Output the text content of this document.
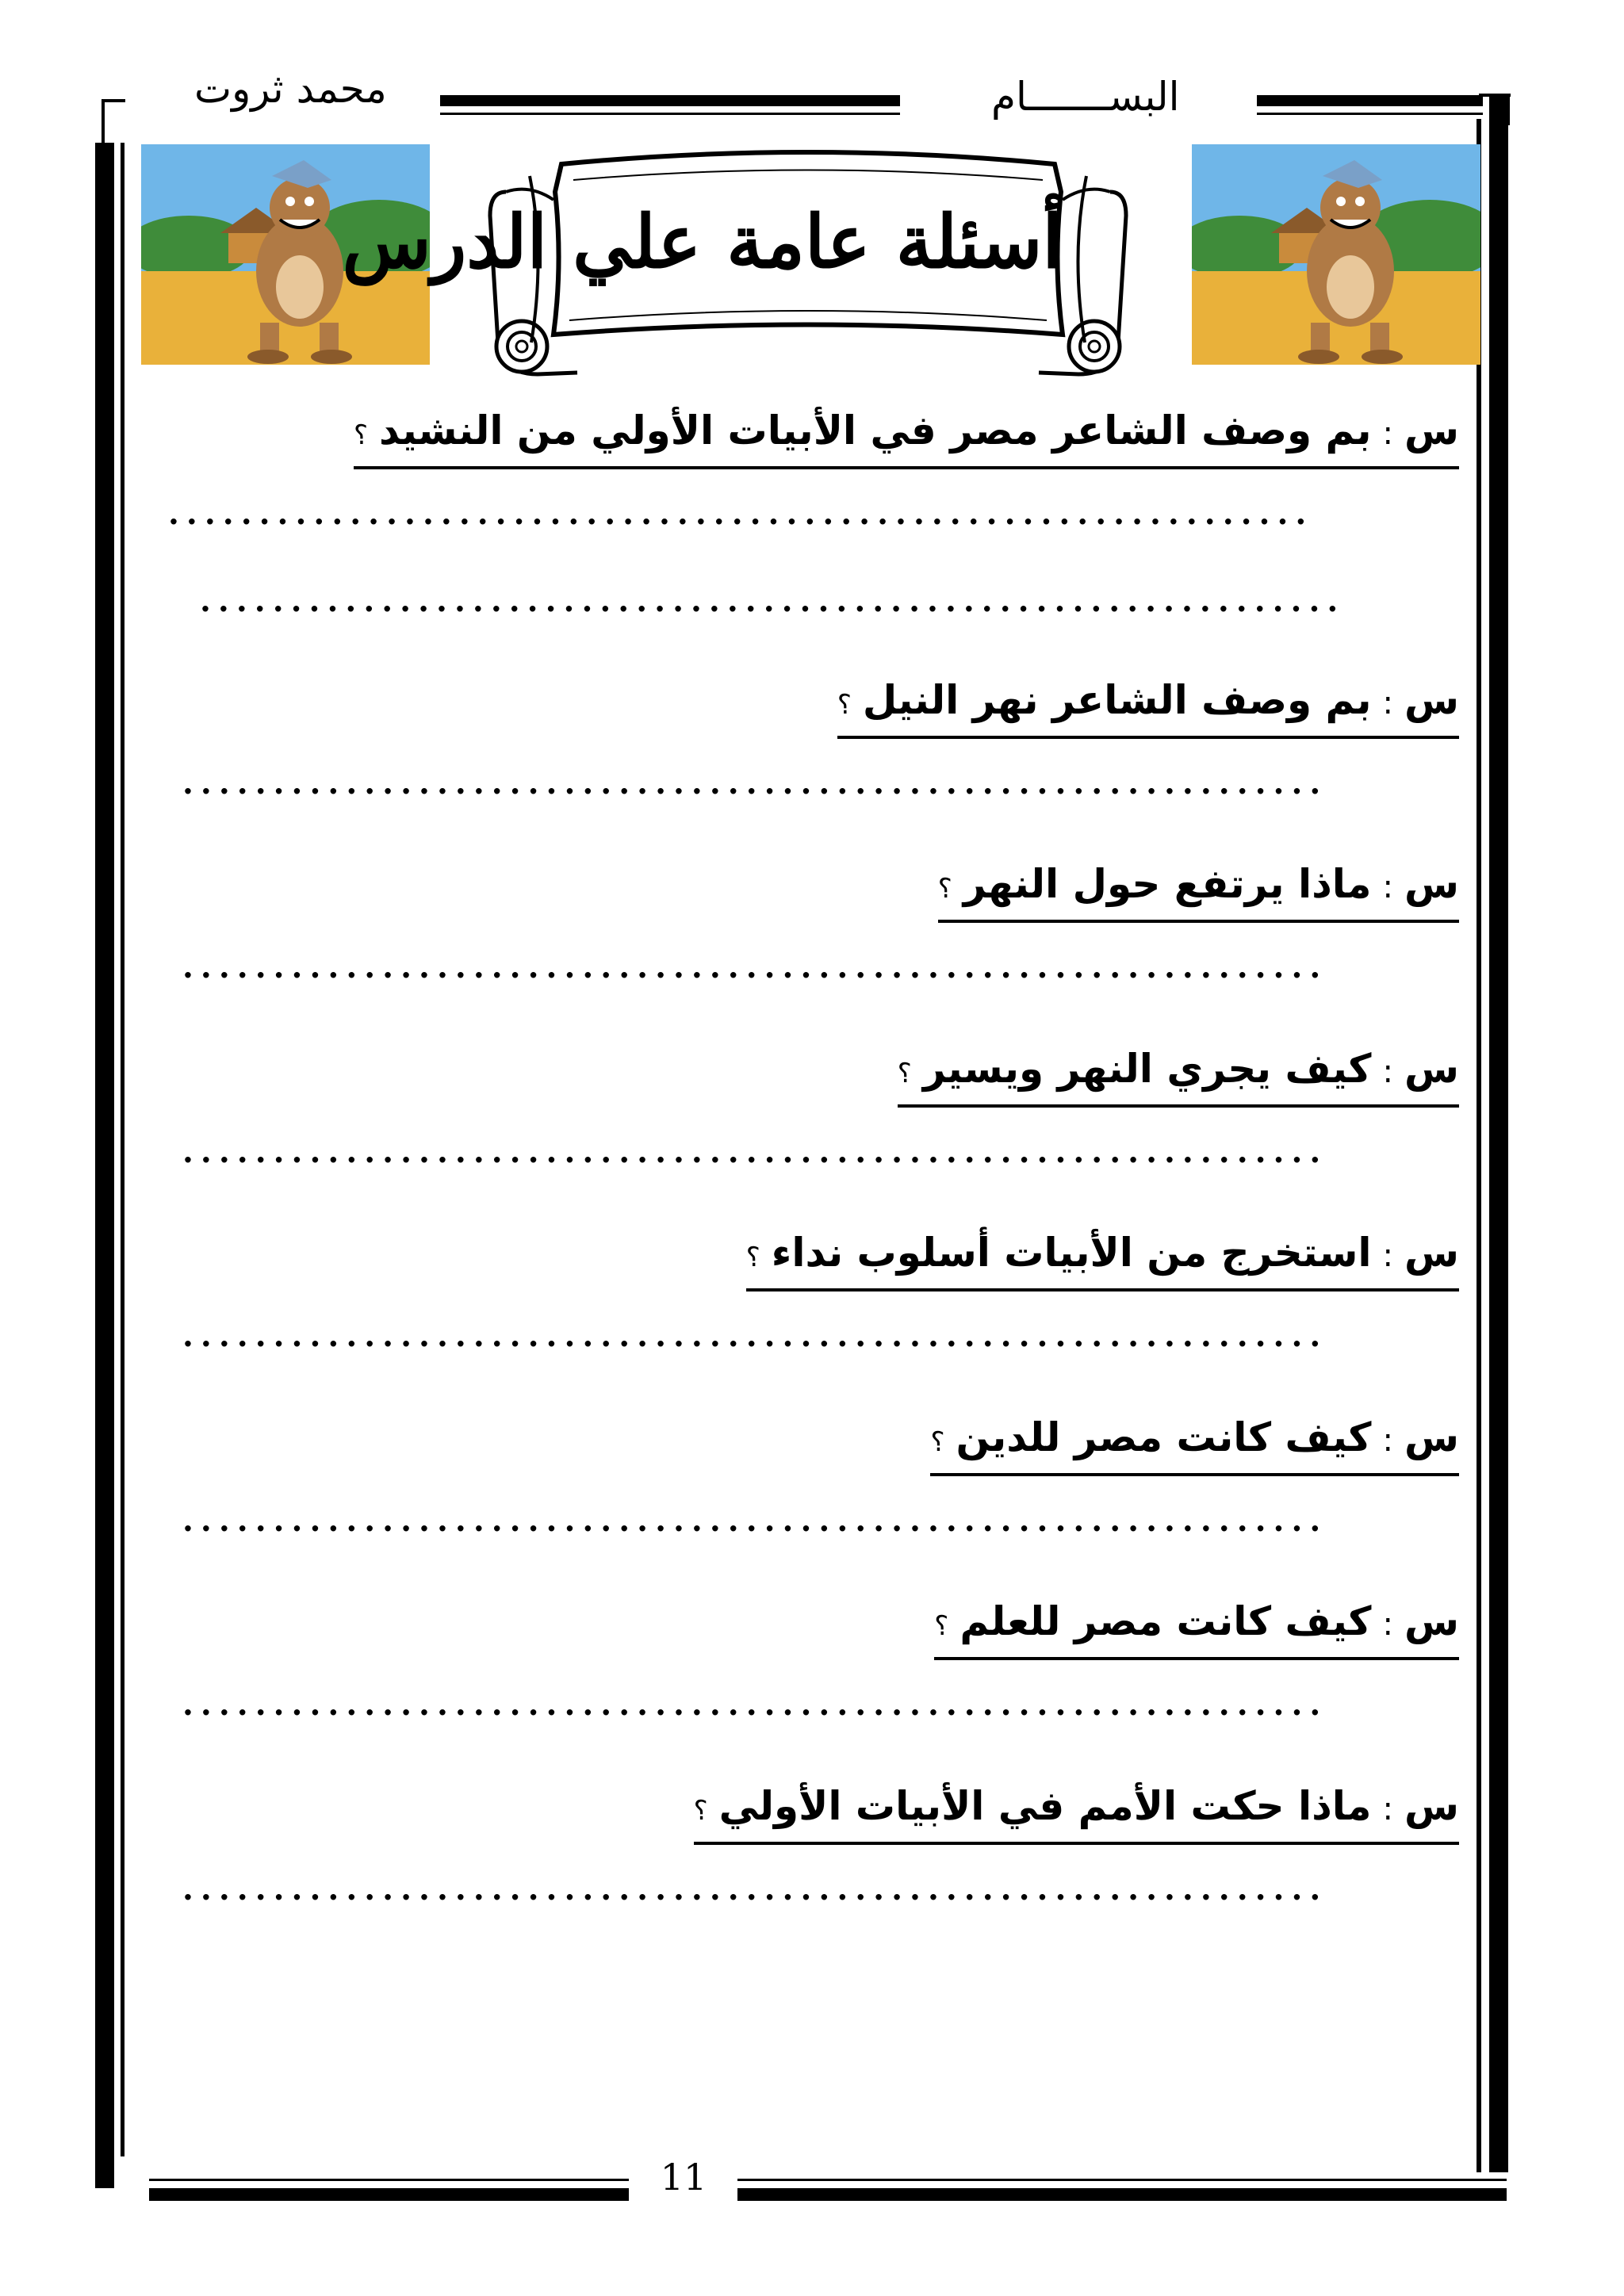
محمد ثروت	البســـــــام
أسئلة عامة علي الدرس
س:بم وصف الشاعر مصر في الأبيات الأولي من النشيد؟
...............................................................
...............................................................
س:بم وصف الشاعر نهر النيل؟
...............................................................
س:ماذا يرتفع حول النهر؟
...............................................................
س:كيف يجري النهر ويسير؟
...............................................................
س:استخرج من الأبيات أسلوب نداء؟
...............................................................
س:كيف كانت مصر للدين؟
...............................................................
س:كيف كانت مصر للعلم؟
...............................................................
س:ماذا حكت الأمم في الأبيات الأولي؟
...............................................................
11
